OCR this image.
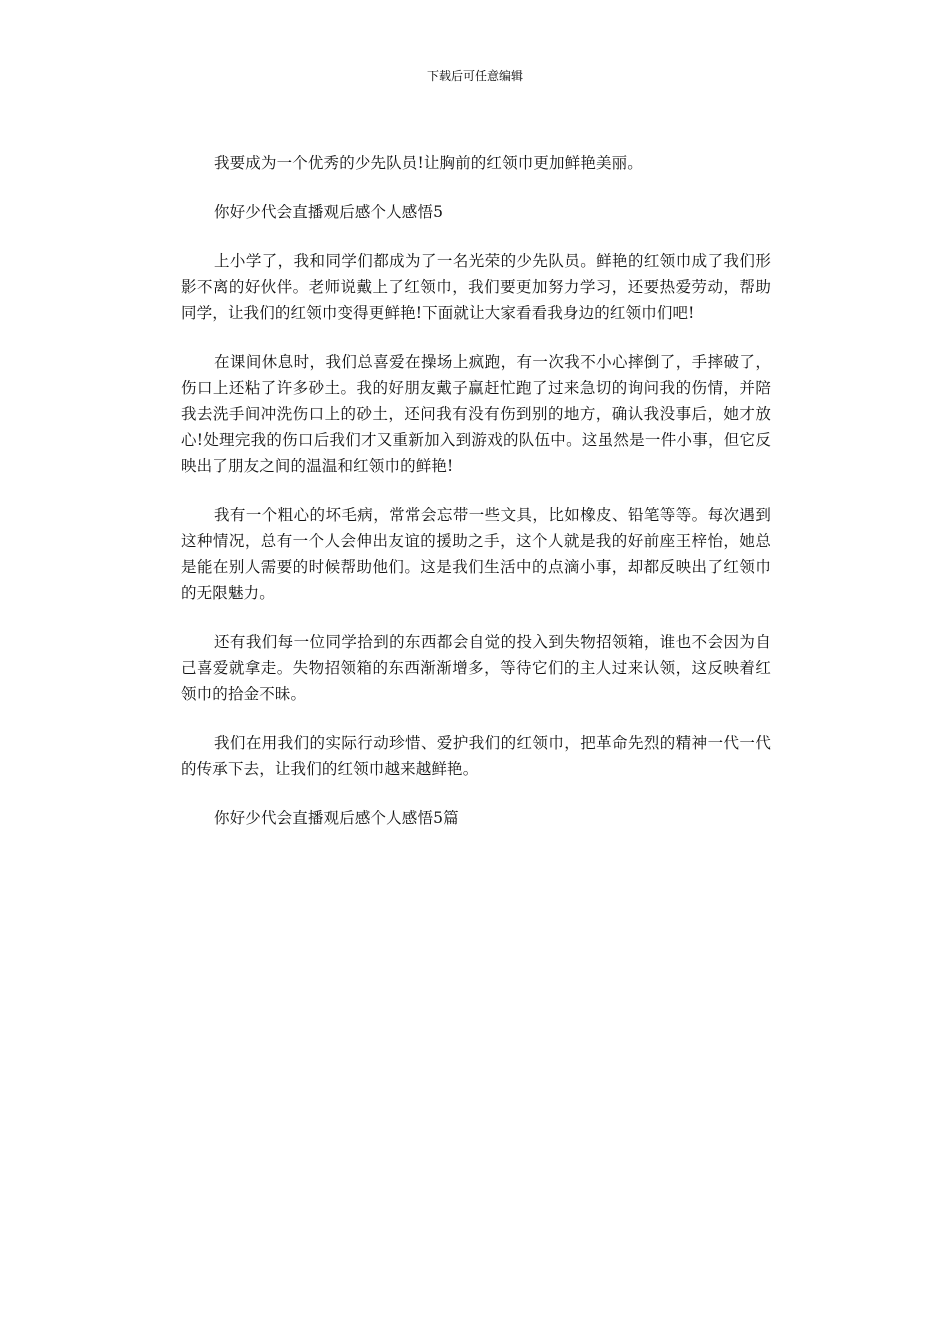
下载后可任意编辑

我要成为一个优秀的少先队员!让胸前的红领巾更加鲜艳美丽。

你好少代会直播观后感个人感悟5

上小学了，我和同学们都成为了一名光荣的少先队员。鲜艳的红领巾成了我们形影不离的好伙伴。老师说戴上了红领巾，我们要更加努力学习，还要热爱劳动，帮助同学，让我们的红领巾变得更鲜艳!下面就让大家看看我身边的红领巾们吧!

在课间休息时，我们总喜爱在操场上疯跑，有一次我不小心摔倒了，手摔破了，伤口上还粘了许多砂土。我的好朋友戴子赢赶忙跑了过来急切的询问我的伤情，并陪我去洗手间冲洗伤口上的砂土，还问我有没有伤到别的地方，确认我没事后，她才放心!处理完我的伤口后我们才又重新加入到游戏的队伍中。这虽然是一件小事，但它反映出了朋友之间的温温和红领巾的鲜艳!

我有一个粗心的坏毛病，常常会忘带一些文具，比如橡皮、铅笔等等。每次遇到这种情况，总有一个人会伸出友谊的援助之手，这个人就是我的好前座王梓怡，她总是能在别人需要的时候帮助他们。这是我们生活中的点滴小事，却都反映出了红领巾的无限魅力。

还有我们每一位同学拾到的东西都会自觉的投入到失物招领箱，谁也不会因为自己喜爱就拿走。失物招领箱的东西渐渐增多，等待它们的主人过来认领，这反映着红领巾的拾金不昧。

我们在用我们的实际行动珍惜、爱护我们的红领巾，把革命先烈的精神一代一代的传承下去，让我们的红领巾越来越鲜艳。

你好少代会直播观后感个人感悟5篇
